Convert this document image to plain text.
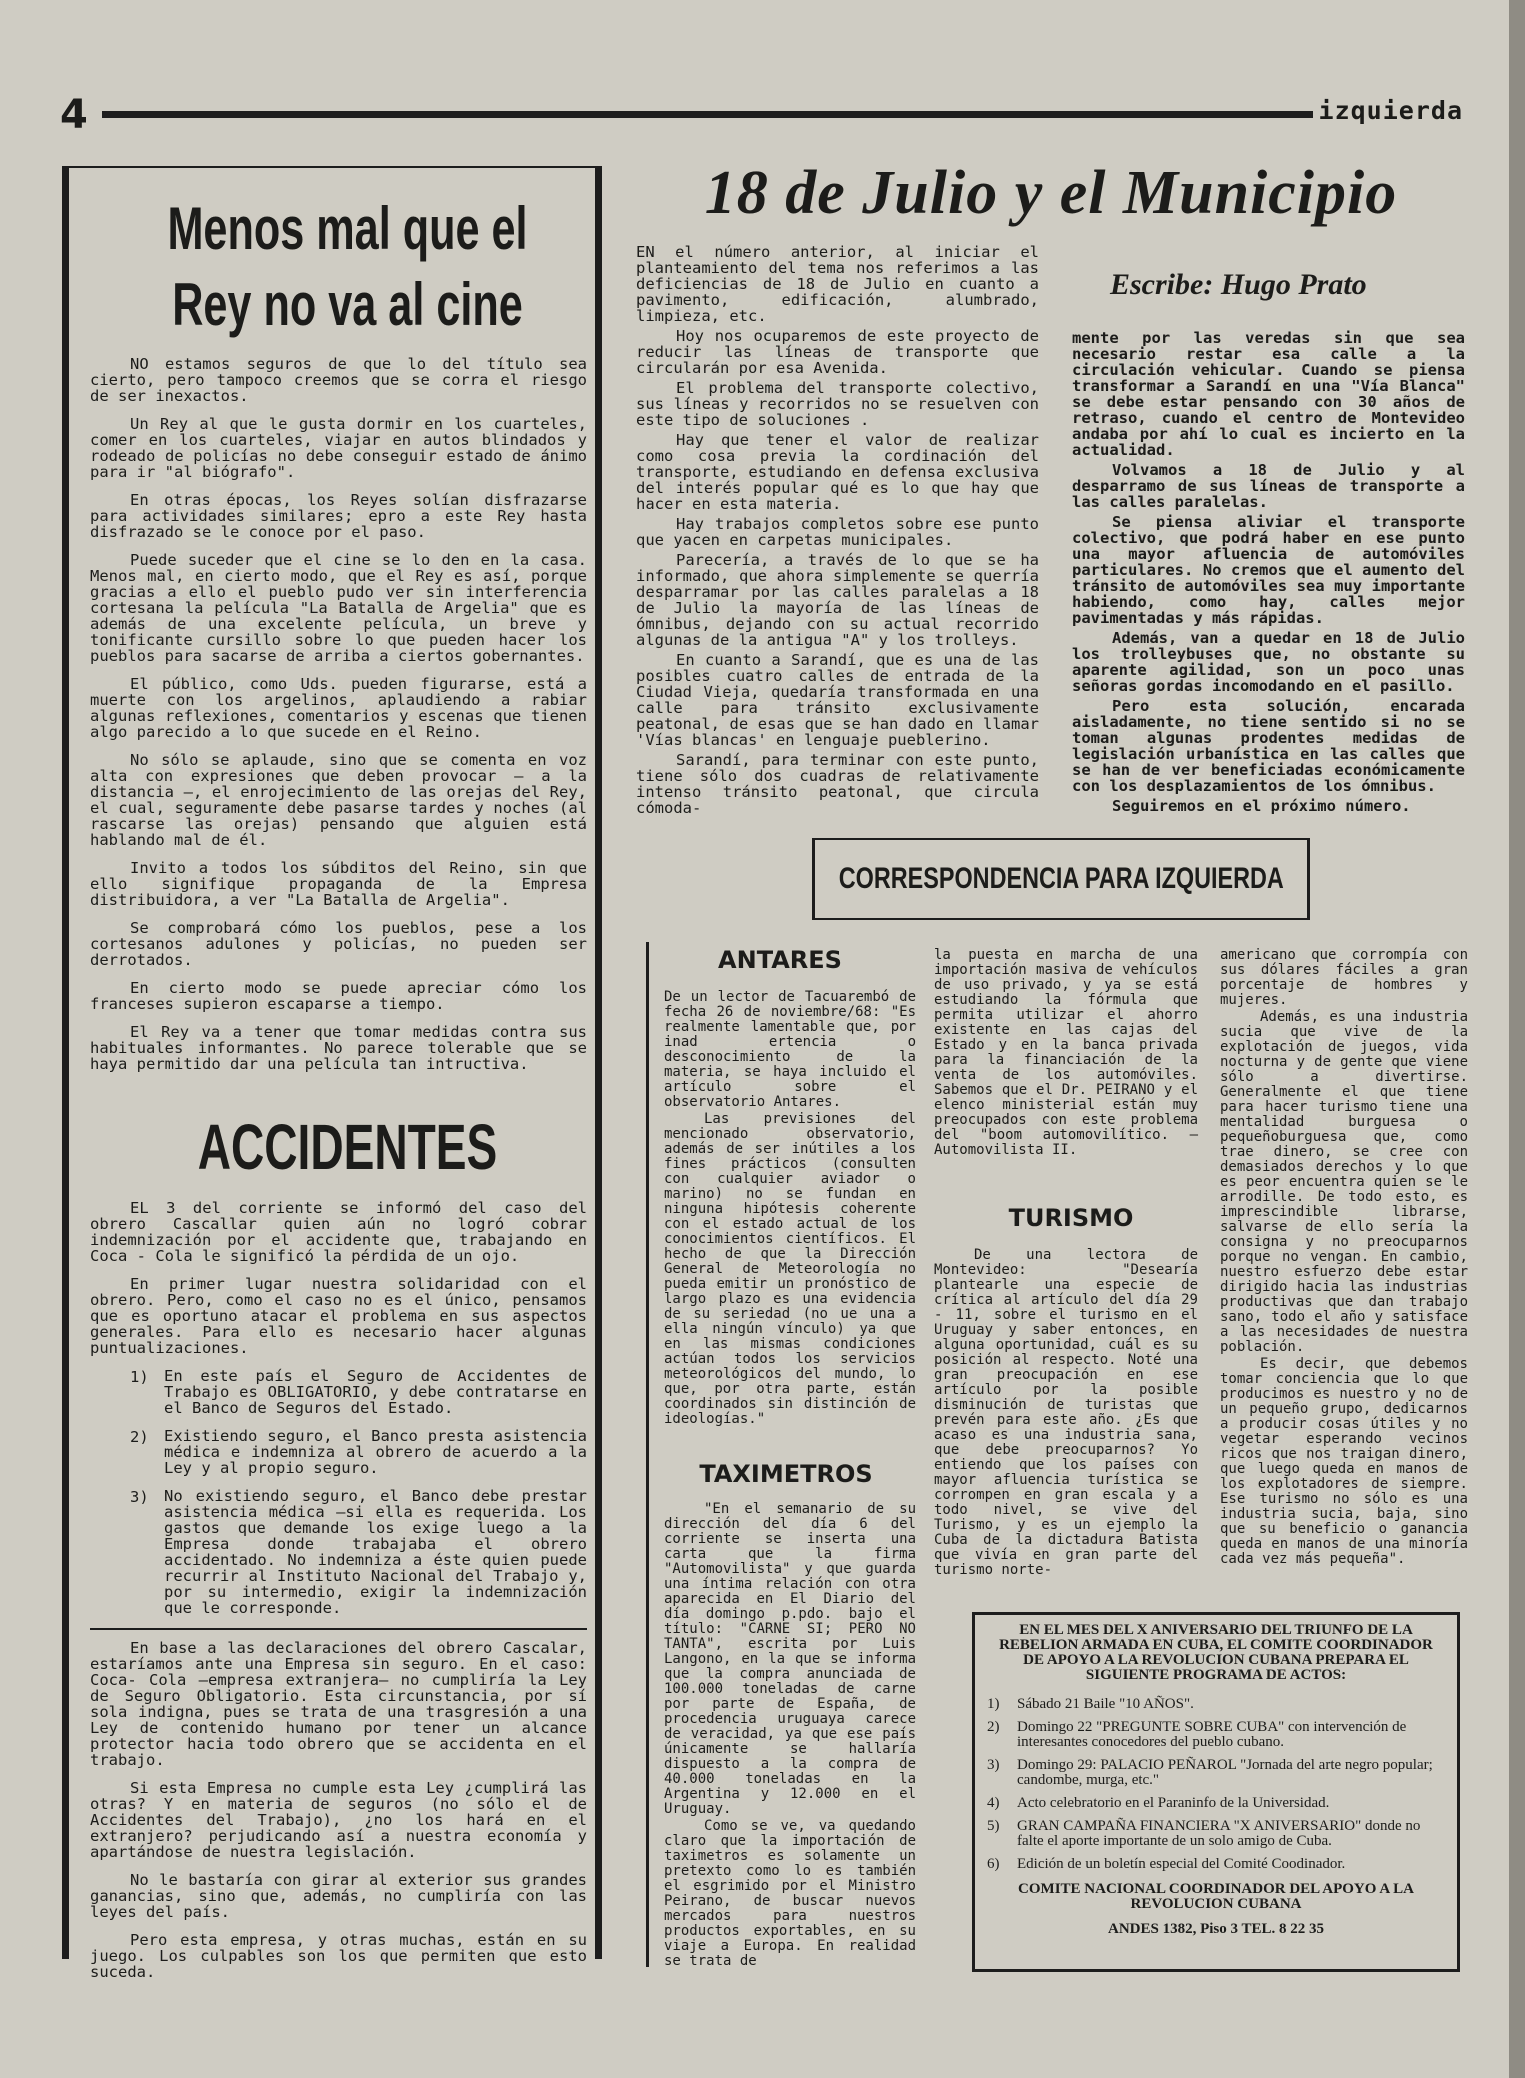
4	izquierda
Menos mal que el
Rey no va al cine

NO estamos seguros de que lo del título sea cierto, pero tampoco creemos que se corra el riesgo de ser inexactos.

Un Rey al que le gusta dormir en los cuarteles, comer en los cuarteles, viajar en autos blindados y rodeado de policías no debe conseguir estado de ánimo para ir "al biógrafo".

En otras épocas, los Reyes solían disfrazarse para actividades similares; epro a este Rey hasta disfrazado se le conoce por el paso.

Puede suceder que el cine se lo den en la casa. Menos mal, en cierto modo, que el Rey es así, porque gracias a ello el pueblo pudo ver sin interferencia cortesana la película "La Batalla de Argelia" que es además de una excelente película, un breve y tonificante cursillo sobre lo que pueden hacer los pueblos para sacarse de arriba a ciertos gobernantes.

El público, como Uds. pueden figurarse, está a muerte con los argelinos, aplaudiendo a rabiar algunas reflexiones, comentarios y escenas que tienen algo parecido a lo que sucede en el Reino.

No sólo se aplaude, sino que se comenta en voz alta con expresiones que deben provocar — a la distancia —, el enrojecimiento de las orejas del Rey, el cual, seguramente debe pasarse tardes y noches (al rascarse las orejas) pensando que alguien está hablando mal de él.

Invito a todos los súbditos del Reino, sin que ello signifique propaganda de la Empresa distribuidora, a ver "La Batalla de Argelia".

Se comprobará cómo los pueblos, pese a los cortesanos adulones y policías, no pueden ser derrotados.

En cierto modo se puede apreciar cómo los franceses supieron escaparse a tiempo.

El Rey va a tener que tomar medidas contra sus habituales informantes. No parece tolerable que se haya permitido dar una película tan intructiva.

ACCIDENTES

EL 3 del corriente se informó del caso del obrero Cascallar quien aún no logró cobrar indemnización por el accidente que, trabajando en Coca - Cola le significó la pérdida de un ojo.

En primer lugar nuestra solidaridad con el obrero. Pero, como el caso no es el único, pensamos que es oportuno atacar el problema en sus aspectos generales. Para ello es necesario hacer algunas puntualizaciones.

1) En este país el Seguro de Accidentes de Trabajo es OBLIGATORIO, y debe contratarse en el Banco de Seguros del Estado.
2) Existiendo seguro, el Banco presta asistencia médica e indemniza al obrero de acuerdo a la Ley y al propio seguro.
3) No existiendo seguro, el Banco debe prestar asistencia médica —si ella es requerida. Los gastos que demande los exige luego a la Empresa donde trabajaba el obrero accidentado. No indemniza a éste quien puede recurrir al Instituto Nacional del Trabajo y, por su intermedio, exigir la indemnización que le corresponde.

En base a las declaraciones del obrero Cascalar, estaríamos ante una Empresa sin seguro. En el caso: Coca- Cola —empresa extranjera— no cumpliría la Ley de Seguro Obligatorio. Esta circunstancia, por sí sola indigna, pues se trata de una trasgresión a una Ley de contenido humano por tener un alcance protector hacia todo obrero que se accidenta en el trabajo.

Si esta Empresa no cumple esta Ley ¿cumplirá las otras? Y en materia de seguros (no sólo el de Accidentes del Trabajo), ¿no los hará en el extranjero? perjudicando así a nuestra economía y apartándose de nuestra legislación.

No le bastaría con girar al exterior sus grandes ganancias, sino que, además, no cumpliría con las leyes del país.

Pero esta empresa, y otras muchas, están en su juego. Los culpables son los que permiten que esto suceda.

18 de Julio y el Municipio
Escribe: Hugo Prato

EN el número anterior, al iniciar el planteamiento del tema nos referimos a las deficiencias de 18 de Julio en cuanto a pavimento, edificación, alumbrado, limpieza, etc.

Hoy nos ocuparemos de este proyecto de reducir las líneas de transporte que circularán por esa Avenida.

El problema del transporte colectivo, sus líneas y recorridos no se resuelven con este tipo de soluciones .

Hay que tener el valor de realizar como cosa previa la cordinación del transporte, estudiando en defensa exclusiva del interés popular qué es lo que hay que hacer en esta materia.

Hay trabajos completos sobre ese punto que yacen en carpetas municipales.

Parecería, a través de lo que se ha informado, que ahora simplemente se querría desparramar por las calles paralelas a 18 de Julio la mayoría de las líneas de ómnibus, dejando con su actual recorrido algunas de la antigua "A" y los trolleys.

En cuanto a Sarandí, que es una de las posibles cuatro calles de entrada de la Ciudad Vieja, quedaría transformada en una calle para tránsito exclusivamente peatonal, de esas que se han dado en llamar 'Vías blancas' en lenguaje pueblerino.

Sarandí, para terminar con este punto, tiene sólo dos cuadras de relativamente intenso tránsito peatonal, que circula cómoda-

mente por las veredas sin que sea necesario restar esa calle a la circulación vehicular. Cuando se piensa transformar a Sarandí en una "Vía Blanca" se debe estar pensando con 30 años de retraso, cuando el centro de Montevideo andaba por ahí lo cual es incierto en la actualidad.

Volvamos a 18 de Julio y al desparramo de sus líneas de transporte a las calles paralelas.

Se piensa aliviar el transporte colectivo, que podrá haber en ese punto una mayor afluencia de automóviles particulares. No cremos que el aumento del tránsito de automóviles sea muy importante habiendo, como hay, calles mejor pavimentadas y más rápidas.

Además, van a quedar en 18 de Julio los trolleybuses que, no obstante su aparente agilidad, son un poco unas señoras gordas incomodando en el pasillo.

Pero esta solución, encarada aisladamente, no tiene sentido si no se toman algunas prodentes medidas de legislación urbanística en las calles que se han de ver beneficiadas económicamente con los desplazamientos de los ómnibus.

Seguiremos en el próximo número.

CORRESPONDENCIA PARA IZQUIERDA
ANTARES

De un lector de Tacuarembó de fecha 26 de noviembre/68: "Es realmente lamentable que, por inad ertencia o desconocimiento de la materia, se haya incluido el artículo sobre el observatorio Antares.

Las previsiones del mencionado observatorio, además de ser inútiles a los fines prácticos (consulten con cualquier aviador o marino) no se fundan en ninguna hipótesis coherente con el estado actual de los conocimientos científicos. El hecho de que la Dirección General de Meteorología no pueda emitir un pronóstico de largo plazo es una evidencia de su seriedad (no ue una a ella ningún vínculo) ya que en las mismas condiciones actúan todos los servicios meteorológicos del mundo, lo que, por otra parte, están coordinados sin distinción de ideologías."

TAXIMETROS

"En el semanario de su dirección del día 6 del corriente se inserta una carta que la firma "Automovilista" y que guarda una íntima relación con otra aparecida en El Diario del día domingo p.pdo. bajo el título: "CARNE SI; PERO NO TANTA", escrita por Luis Langono, en la que se informa que la compra anunciada de 100.000 toneladas de carne por parte de España, de procedencia uruguaya carece de veracidad, ya que ese país únicamente se hallaría dispuesto a la compra de 40.000 toneladas en la Argentina y 12.000 en el Uruguay.

Como se ve, va quedando claro que la importación de taximetros es solamente un pretexto como lo es también el esgrimido por el Ministro Peirano, de buscar nuevos mercados para nuestros productos exportables, en su viaje a Europa. En realidad se trata de

la puesta en marcha de una importación masiva de vehículos de uso privado, y ya se está estudiando la fórmula que permita utilizar el ahorro existente en las cajas del Estado y en la banca privada para la financiación de la venta de los automóviles. Sabemos que el Dr. PEIRANO y el elenco ministerial están muy preocupados con este problema del "boom automovilítico. — Automovilista II.

TURISMO

De una lectora de Montevideo: "Desearía plantearle una especie de crítica al artículo del día 29 - 11, sobre el turismo en el Uruguay y saber entonces, en alguna oportunidad, cuál es su posición al respecto. Noté una gran preocupación en ese artículo por la posible disminución de turistas que prevén para este año. ¿Es que acaso es una industria sana, que debe preocuparnos? Yo entiendo que los países con mayor afluencia turística se corrompen en gran escala y a todo nivel, se vive del Turismo, y es un ejemplo la Cuba de la dictadura Batista que vivía en gran parte del turismo norte-

americano que corrompía con sus dólares fáciles a gran porcentaje de hombres y mujeres.

Además, es una industria sucia que vive de la explotación de juegos, vida nocturna y de gente que viene sólo a divertirse. Generalmente el que tiene para hacer turismo tiene una mentalidad burguesa o pequeñoburguesa que, como trae dinero, se cree con demasiados derechos y lo que es peor encuentra quien se le arrodille. De todo esto, es imprescindible librarse, salvarse de ello sería la consigna y no preocuparnos porque no vengan. En cambio, nuestro esfuerzo debe estar dirigido hacia las industrias productivas que dan trabajo sano, todo el año y satisface a las necesidades de nuestra población.

Es decir, que debemos tomar conciencia que lo que producimos es nuestro y no de un pequeño grupo, dedicarnos a producir cosas útiles y no vegetar esperando vecinos ricos que nos traigan dinero, que luego queda en manos de los explotadores de siempre. Ese turismo no sólo es una industria sucia, baja, sino que su beneficio o ganancia queda en manos de una minoría cada vez más pequeña".

EN EL MES DEL X ANIVERSARIO DEL TRIUNFO DE LA REBELION ARMADA EN CUBA, EL COMITE COORDINADOR DE APOYO A LA REVOLUCION CUBANA PREPARA EL SIGUIENTE PROGRAMA DE ACTOS:

1) Sábado 21 Baile "10 AÑOS".
2) Domingo 22 "PREGUNTE SOBRE CUBA" con intervención de interesantes conocedores del pueblo cubano.
3) Domingo 29: PALACIO PEÑAROL "Jornada del arte negro popular; candombe, murga, etc."
4) Acto celebratorio en el Paraninfo de la Universidad.
5) GRAN CAMPAÑA FINANCIERA "X ANIVERSARIO" donde no falte el aporte importante de un solo amigo de Cuba.
6) Edición de un boletín especial del Comité Coodinador.

COMITE NACIONAL COORDINADOR DEL APOYO A LA REVOLUCION CUBANA

ANDES 1382, Piso 3 TEL. 8 22 35
